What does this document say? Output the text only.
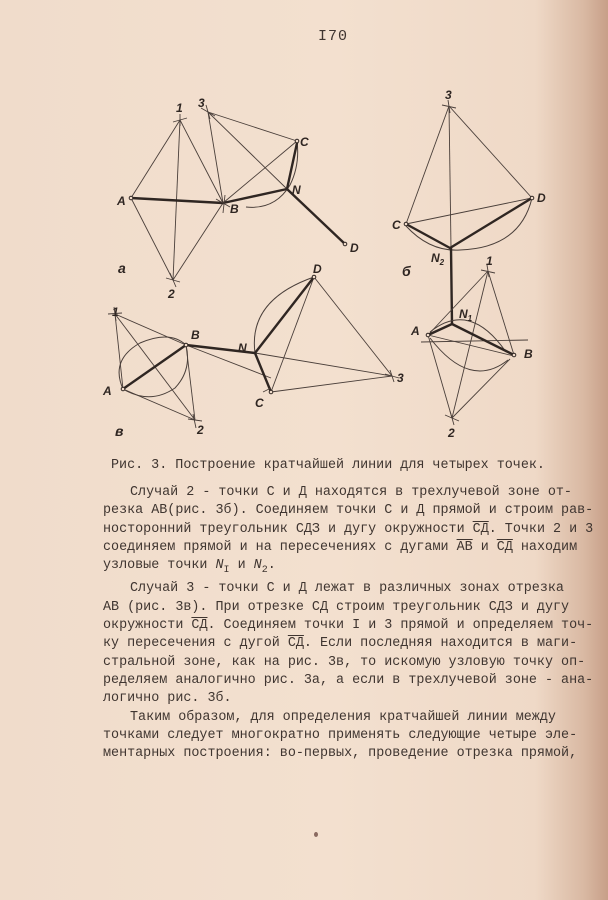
I70
A
B
C
D
N
1 3
2
а
3
C
D
$N_2$
б
1
$N_1$
A
B
2
1
A
B
N
D
C
3
2
в
Рис. 3. Построение кратчайшей линии для четырех точек.
Случай 2 - точки С и Д находятся в трехлучевой зоне от-
резка АВ(рис. 3б). Соединяем точки С и Д прямой и строим рав-
носторонний треугольник СДЗ и дугу окружности СД. Точки 2 и 3
соединяем прямой и на пересечениях с дугами АВ и СД находим
узловые точки $N_I$ и $N_2$.
Случай 3 - точки С и Д лежат в различных зонах отрезка
АВ (рис. 3в). При отрезке СД строим треугольник СДЗ и дугу
окружности СД. Соединяем точки I и 3 прямой и определяем точ-
ку пересечения с дугой СД. Если последняя находится в маги-
стральной зоне, как на рис. 3в, то искомую узловую точку оп-
ределяем аналогично рис. 3а, а если в трехлучевой зоне - ана-
логично рис. 3б.
Таким образом, для определения кратчайшей линии между
точками следует многократно применять следующие четыре эле-
ментарных построения: во-первых, проведение отрезка прямой,
